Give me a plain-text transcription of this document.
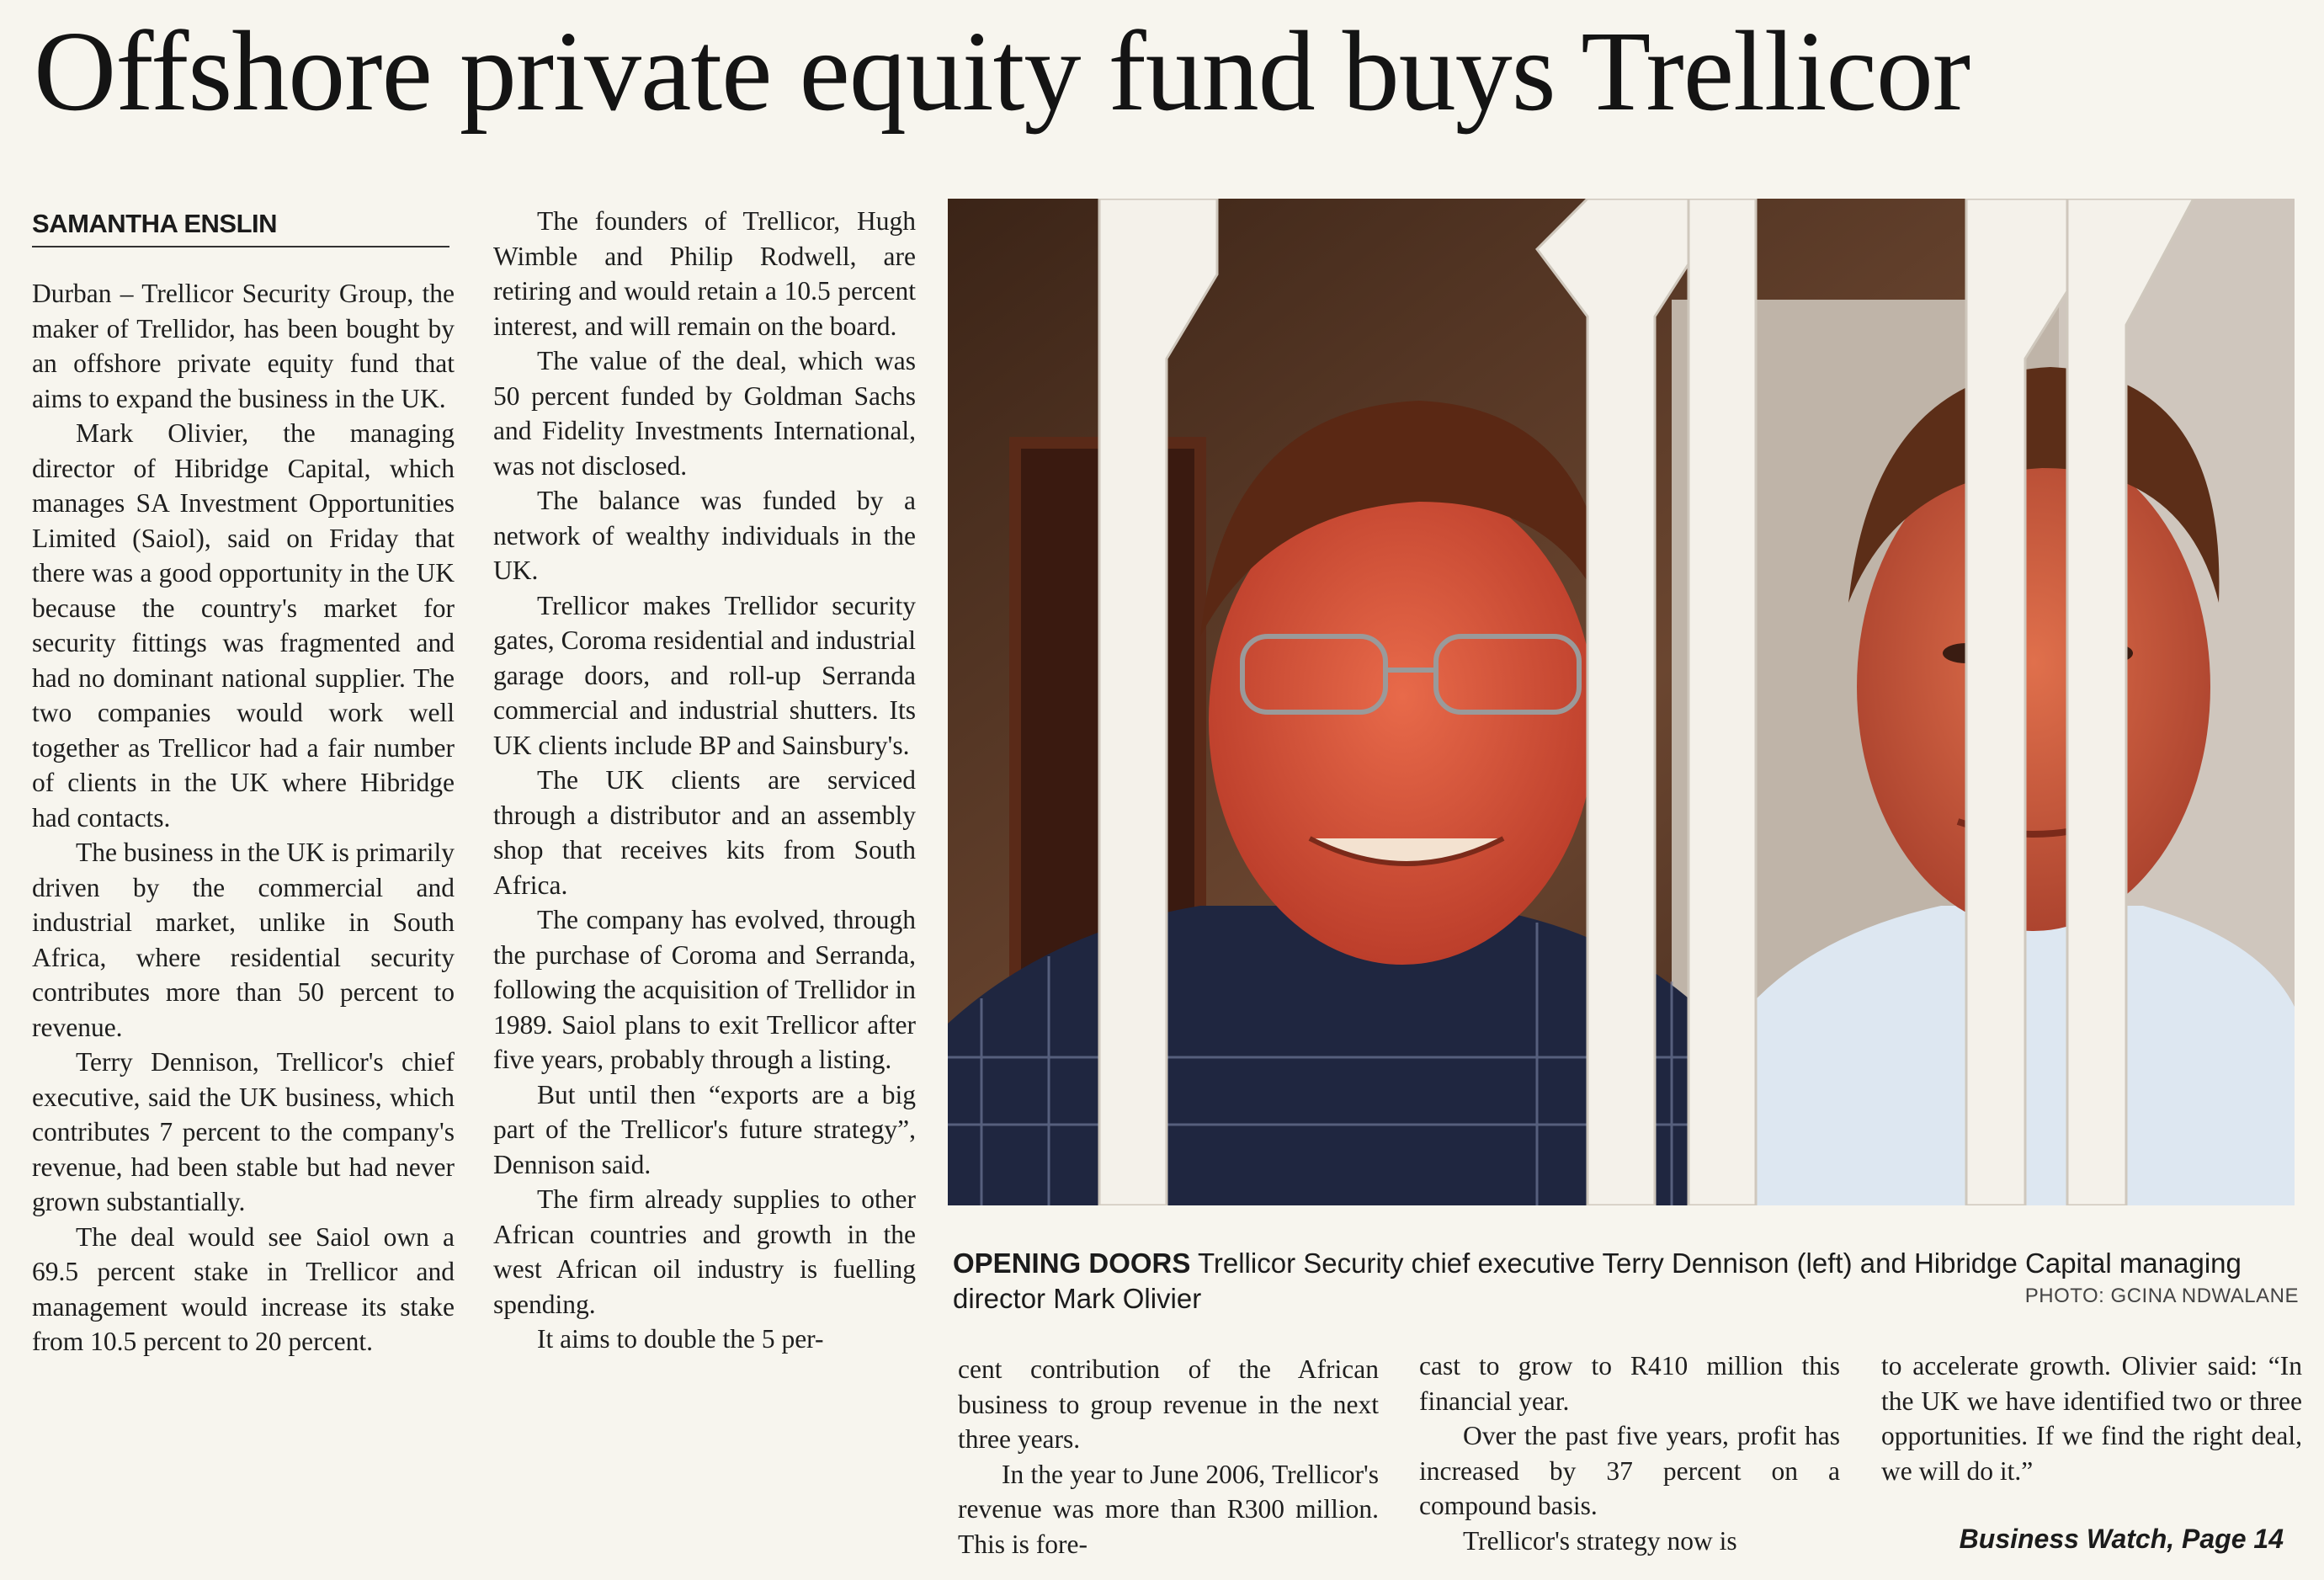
Offshore private equity fund buys Trellicor
SAMANTHA ENSLIN

Durban – Trellicor Security Group, the maker of Trellidor, has been bought by an offshore private equity fund that aims to expand the business in the UK.

Mark Olivier, the managing director of Hibridge Capital, which manages SA Investment Opportunities Limited (Saiol), said on Friday that there was a good opportunity in the UK because the country's market for security fittings was fragmented and had no dominant national supplier. The two companies would work well together as Trellicor had a fair number of clients in the UK where Hibridge had contacts.

The business in the UK is primarily driven by the commercial and industrial market, unlike in South Africa, where residential security contributes more than 50 percent to revenue.

Terry Dennison, Trellicor's chief executive, said the UK business, which contributes 7 percent to the company's revenue, had been stable but had never grown substantially.

The deal would see Saiol own a 69.5 percent stake in Trellicor and management would increase its stake from 10.5 percent to 20 percent.

The founders of Trellicor, Hugh Wimble and Philip Rodwell, are retiring and would retain a 10.5 percent interest, and will remain on the board.

The value of the deal, which was 50 percent funded by Goldman Sachs and Fidelity Investments International, was not disclosed.

The balance was funded by a network of wealthy individuals in the UK.

Trellicor makes Trellidor security gates, Coroma residential and industrial garage doors, and roll-up Serranda commercial and industrial shutters. Its UK clients include BP and Sainsbury's.

The UK clients are serviced through a distributor and an assembly shop that receives kits from South Africa.

The company has evolved, through the purchase of Coroma and Serranda, following the acquisition of Trellidor in 1989. Saiol plans to exit Trellicor after five years, probably through a listing.

But until then “exports are a big part of the Trellicor's future strategy”, Dennison said.

The firm already supplies to other African countries and growth in the west African oil industry is fuelling spending.

It aims to double the 5 per-

OPENING DOORS Trellicor Security chief executive Terry Dennison (left) and Hibridge Capital managing director Mark Olivier	PHOTO: GCINA NDWALANE

cent contribution of the African business to group revenue in the next three years.

In the year to June 2006, Trellicor's revenue was more than R300 million. This is fore-

cast to grow to R410 million this financial year.

Over the past five years, profit has increased by 37 percent on a compound basis.

Trellicor's strategy now is

to accelerate growth. Olivier said: “In the UK we have identified two or three opportunities. If we find the right deal, we will do it.”

Business Watch, Page 14
